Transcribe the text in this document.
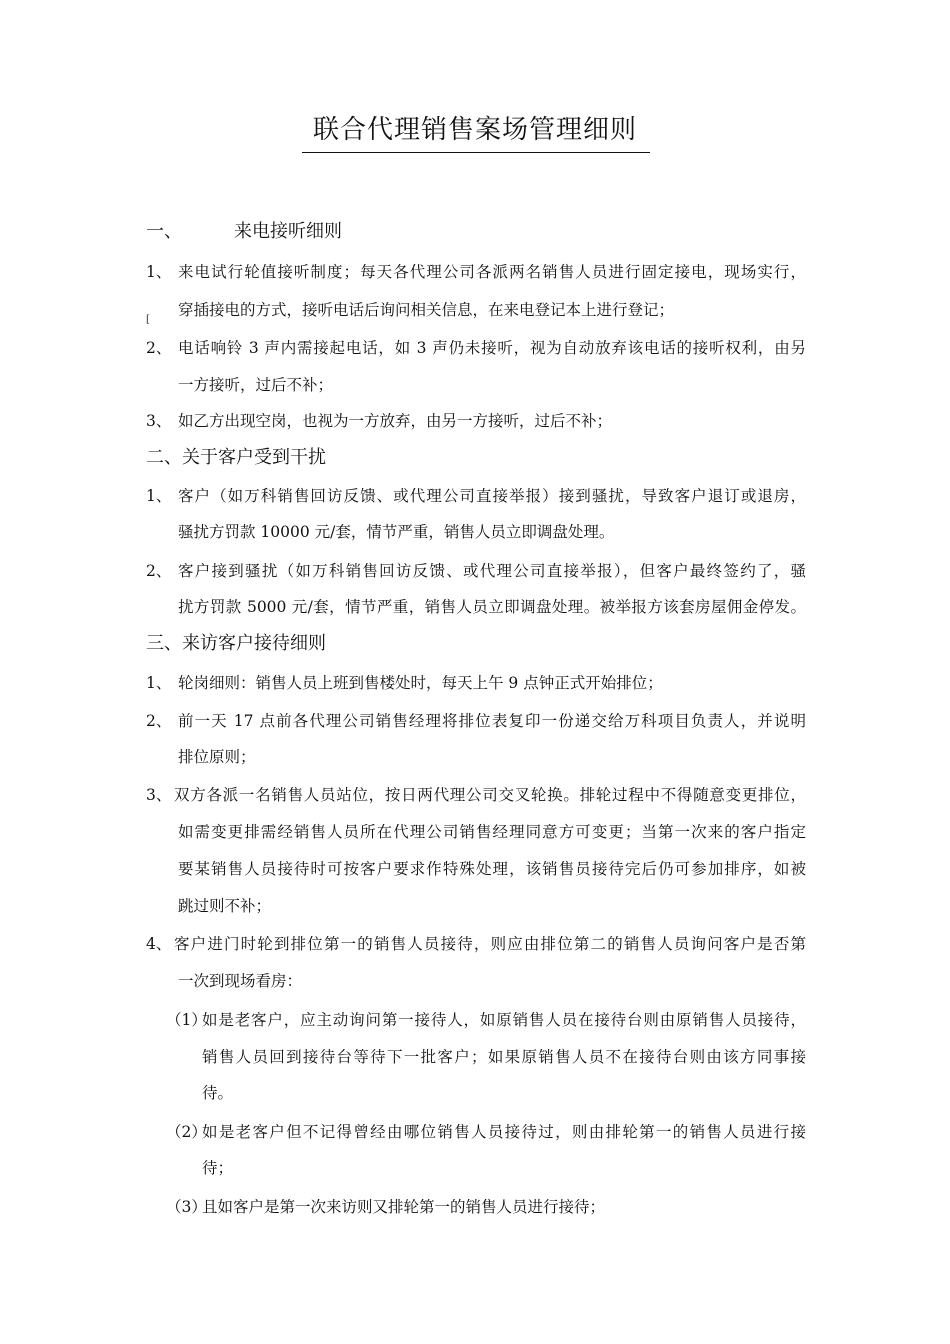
联合代理销售案场管理细则
一、	来电接听细则
1、 来电试行轮值接听制度；每天各代理公司各派两名销售人员进行固定接电，现场实行，
穿插接电的方式，接听电话后询问相关信息，在来电登记本上进行登记；
[
2、 电话响铃 3 声内需接起电话，如 3 声仍未接听，视为自动放弃该电话的接听权利，由另
一方接听，过后不补；
3、 如乙方出现空岗，也视为一方放弃，由另一方接听，过后不补；
二、关于客户受到干扰
1、 客户（如万科销售回访反馈、或代理公司直接举报）接到骚扰，导致客户退订或退房，
骚扰方罚款 10000 元/套，情节严重，销售人员立即调盘处理。
2、 客户接到骚扰（如万科销售回访反馈、或代理公司直接举报），但客户最终签约了，骚
扰方罚款 5000 元/套，情节严重，销售人员立即调盘处理。被举报方该套房屋佣金停发。
三、来访客户接待细则
1、 轮岗细则：销售人员上班到售楼处时，每天上午 9 点钟正式开始排位；
2、 前一天 17 点前各代理公司销售经理将排位表复印一份递交给万科项目负责人，并说明
排位原则；
3、 双方各派一名销售人员站位，按日两代理公司交叉轮换。排轮过程中不得随意变更排位，
如需变更排需经销售人员所在代理公司销售经理同意方可变更；当第一次来的客户指定
要某销售人员接待时可按客户要求作特殊处理，该销售员接待完后仍可参加排序，如被
跳过则不补；
4、 客户进门时轮到排位第一的销售人员接待，则应由排位第二的销售人员询问客户是否第
一次到现场看房：
（1）
如是老客户，应主动询问第一接待人，如原销售人员在接待台则由原销售人员接待，
销售人员回到接待台等待下一批客户；如果原销售人员不在接待台则由该方同事接
待。
（2）
如是老客户但不记得曾经由哪位销售人员接待过，则由排轮第一的销售人员进行接
待；
（3）
且如客户是第一次来访则又排轮第一的销售人员进行接待；
